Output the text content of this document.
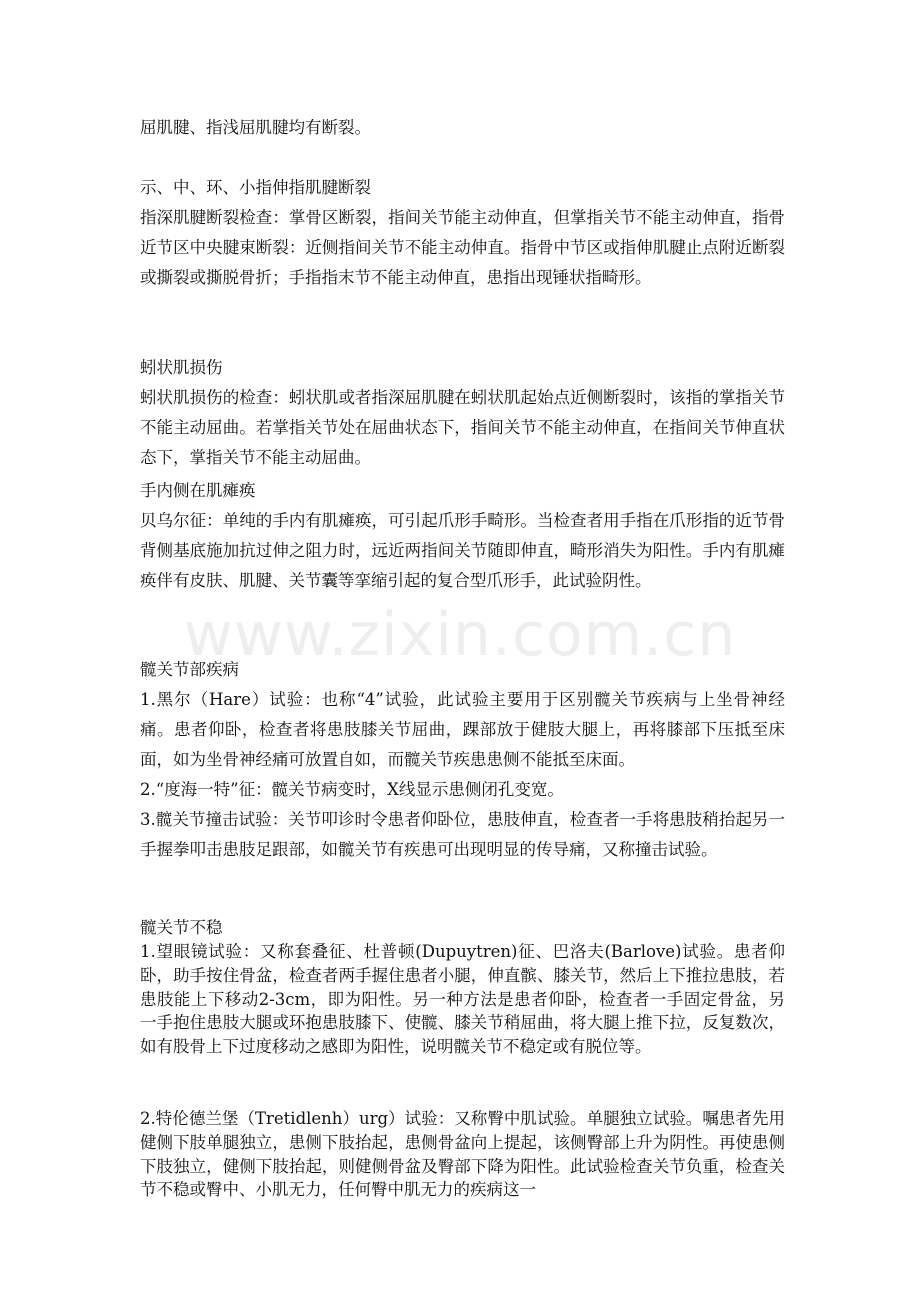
www.zixin.com.cn

屈肌腱、指浅屈肌腱均有断裂。

示、中、环、小指伸指肌腱断裂

指深肌腱断裂检查：掌骨区断裂，指间关节能主动伸直，但掌指关节不能主动伸直，指骨近节区中央腱束断裂：近侧指间关节不能主动伸直。指骨中节区或指伸肌腱止点附近断裂或撕裂或撕脱骨折；手指指末节不能主动伸直，患指出现锤状指畸形。

蚓状肌损伤

蚓状肌损伤的检查：蚓状肌或者指深屈肌腱在蚓状肌起始点近侧断裂时，该指的掌指关节不能主动屈曲。若掌指关节处在屈曲状态下，指间关节不能主动伸直，在指间关节伸直状态下，掌指关节不能主动屈曲。

手内侧在肌瘫痪

贝乌尔征：单纯的手内有肌瘫痪，可引起爪形手畸形。当检查者用手指在爪形指的近节骨背侧基底施加抗过伸之阻力时，远近两指间关节随即伸直，畸形消失为阳性。手内有肌瘫痪伴有皮肤、肌腱、关节囊等挛缩引起的复合型爪形手，此试验阴性。

髋关节部疾病

1.黑尔（Hare）试验：也称“4”试验，此试验主要用于区别髋关节疾病与上坐骨神经痛。患者仰卧，检查者将患肢膝关节屈曲，踝部放于健肢大腿上，再将膝部下压抵至床面，如为坐骨神经痛可放置自如，而髋关节疾患患侧不能抵至床面。

2.“度海一特”征：髋关节病变时，X线显示患侧闭孔变宽。

3.髋关节撞击试验：关节叩诊时令患者仰卧位，患肢伸直，检查者一手将患肢稍抬起另一手握拳叩击患肢足跟部，如髋关节有疾患可出现明显的传导痛，又称撞击试验。

髋关节不稳

1.望眼镜试验：又称套叠征、杜普顿(Dupuytren)征、巴洛夫(Barlove)试验。患者仰卧，助手按住骨盆，检查者两手握住患者小腿，伸直髌、膝关节，然后上下推拉患肢，若患肢能上下移动2-3cm，即为阳性。另一种方法是患者仰卧，检查者一手固定骨盆，另一手抱住患肢大腿或环抱患肢膝下、使髋、膝关节稍屈曲，将大腿上推下拉，反复数次，如有股骨上下过度移动之感即为阳性，说明髋关节不稳定或有脱位等。

2.特伦德兰堡（Tretidlenh）urg）试验：又称臀中肌试验。单腿独立试验。嘱患者先用健侧下肢单腿独立，患侧下肢抬起，患侧骨盆向上提起，该侧臀部上升为阴性。再使患侧下肢独立，健侧下肢抬起，则健侧骨盆及臀部下降为阳性。此试验检查关节负重，检查关节不稳或臀中、小肌无力，任何臀中肌无力的疾病这一
